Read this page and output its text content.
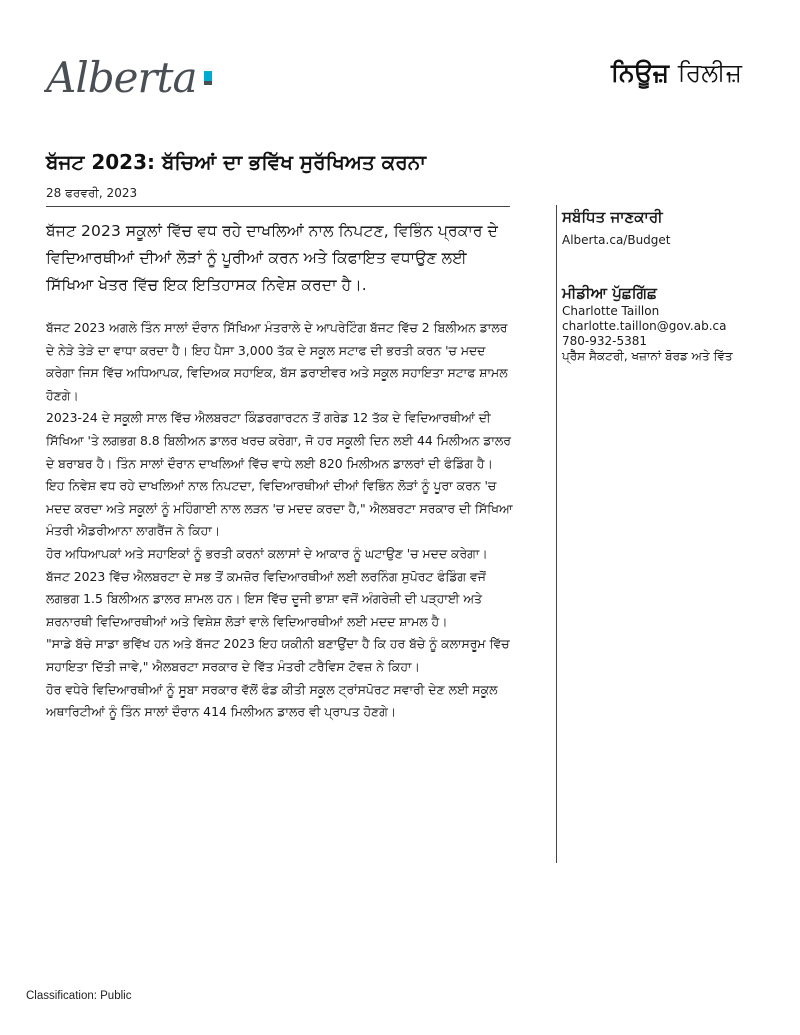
Alberta	ਨਿਊਜ਼ ਰਿਲੀਜ਼
ਬੱਜਟ 2023: ਬੱਚਿਆਂ ਦਾ ਭਵਿੱਖ ਸੁਰੱਖਿਅਤ ਕਰਨਾ
28 ਫਰਵਰੀ, 2023

ਬੱਜਟ 2023 ਸਕੂਲਾਂ ਵਿੱਚ ਵਧ ਰਹੇ ਦਾਖਲਿਆਂ ਨਾਲ ਨਿਪਟਣ, ਵਿਭਿੰਨ ਪ੍ਰਕਾਰ ਦੇ ਵਿਦਿਆਰਥੀਆਂ ਦੀਆਂ ਲੋੜਾਂ ਨੂੰ ਪੂਰੀਆਂ ਕਰਨ ਅਤੇ ਕਿਫਾਇਤ ਵਧਾਉਣ ਲਈ ਸਿੱਖਿਆ ਖੇਤਰ ਵਿੱਚ ਇਕ ਇਤਿਹਾਸਕ ਨਿਵੇਸ਼ ਕਰਦਾ ਹੈ।.

ਬੱਜਟ 2023 ਅਗਲੇ ਤਿੰਨ ਸਾਲਾਂ ਦੌਰਾਨ ਸਿੱਖਿਆ ਮੰਤਰਾਲੇ ਦੇ ਆਪਰੇਟਿੰਗ ਬੱਜਟ ਵਿੱਚ 2 ਬਿਲੀਅਨ ਡਾਲਰ ਦੇ ਨੇੜੇ ਤੇੜੇ ਦਾ ਵਾਧਾ ਕਰਦਾ ਹੈ। ਇਹ ਪੈਸਾ 3,000 ਤੱਕ ਦੇ ਸਕੂਲ ਸਟਾਫ ਦੀ ਭਰਤੀ ਕਰਨ 'ਚ ਮਦਦ ਕਰੇਗਾ ਜਿਸ ਵਿੱਚ ਅਧਿਆਪਕ, ਵਿਦਿਅਕ ਸਹਾਇਕ, ਬੱਸ ਡਰਾਈਵਰ ਅਤੇ ਸਕੂਲ ਸਹਾਇਤਾ ਸਟਾਫ ਸ਼ਾਮਲ ਹੋਣਗੇ।

2023-24 ਦੇ ਸਕੂਲੀ ਸਾਲ ਵਿੱਚ ਐਲਬਰਟਾ ਕਿੰਡਰਗਾਰਟਨ ਤੋਂ ਗਰੇਡ 12 ਤੱਕ ਦੇ ਵਿਦਿਆਰਥੀਆਂ ਦੀ ਸਿੱਖਿਆ 'ਤੇ ਲਗਭਗ 8.8 ਬਿਲੀਅਨ ਡਾਲਰ ਖਰਚ ਕਰੇਗਾ, ਜੋ ਹਰ ਸਕੂਲੀ ਦਿਨ ਲਈ 44 ਮਿਲੀਅਨ ਡਾਲਰ ਦੇ ਬਰਾਬਰ ਹੈ। ਤਿੰਨ ਸਾਲਾਂ ਦੌਰਾਨ ਦਾਖਲਿਆਂ ਵਿੱਚ ਵਾਧੇ ਲਈ 820 ਮਿਲੀਅਨ ਡਾਲਰਾਂ ਦੀ ਫੰਡਿੰਗ ਹੈ।

ਇਹ ਨਿਵੇਸ਼ ਵਧ ਰਹੇ ਦਾਖਲਿਆਂ ਨਾਲ ਨਿਪਟਦਾ, ਵਿਦਿਆਰਥੀਆਂ ਦੀਆਂ ਵਿਭਿੰਨ ਲੋੜਾਂ ਨੂੰ ਪੂਰਾ ਕਰਨ 'ਚ ਮਦਦ ਕਰਦਾ ਅਤੇ ਸਕੂਲਾਂ ਨੂੰ ਮਹਿੰਗਾਈ ਨਾਲ ਲੜਨ 'ਚ ਮਦਦ ਕਰਦਾ ਹੈ," ਐਲਬਰਟਾ ਸਰਕਾਰ ਦੀ ਸਿੱਖਿਆ ਮੰਤਰੀ ਐਡਰੀਆਨਾ ਲਾਗਰੈਂਜ ਨੇ ਕਿਹਾ।

ਹੋਰ ਅਧਿਆਪਕਾਂ ਅਤੇ ਸਹਾਇਕਾਂ ਨੂੰ ਭਰਤੀ ਕਰਨਾਂ ਕਲਾਸਾਂ ਦੇ ਆਕਾਰ ਨੂੰ ਘਟਾਉਣ 'ਚ ਮਦਦ ਕਰੇਗਾ।

ਬੱਜਟ 2023 ਵਿੱਚ ਐਲਬਰਟਾ ਦੇ ਸਭ ਤੋਂ ਕਮਜ਼ੋਰ ਵਿਦਿਆਰਥੀਆਂ ਲਈ ਲਰਨਿੰਗ ਸੁਪੋਰਟ ਫੰਡਿੰਗ ਵਜੋਂ ਲਗਭਗ 1.5 ਬਿਲੀਅਨ ਡਾਲਰ ਸ਼ਾਮਲ ਹਨ। ਇਸ ਵਿੱਚ ਦੂਜੀ ਭਾਸ਼ਾ ਵਜੋਂ ਅੰਗਰੇਜ਼ੀ ਦੀ ਪੜ੍ਹਾਈ ਅਤੇ ਸ਼ਰਨਾਰਥੀ ਵਿਦਿਆਰਥੀਆਂ ਅਤੇ ਵਿਸ਼ੇਸ਼ ਲੋੜਾਂ ਵਾਲੇ ਵਿਦਿਆਰਥੀਆਂ ਲਈ ਮਦਦ ਸ਼ਾਮਲ ਹੈ।

"ਸਾਡੇ ਬੱਚੇ ਸਾਡਾ ਭਵਿੱਖ ਹਨ ਅਤੇ ਬੱਜਟ 2023 ਇਹ ਯਕੀਨੀ ਬਣਾਉਂਦਾ ਹੈ ਕਿ ਹਰ ਬੱਚੇ ਨੂੰ ਕਲਾਸਰੂਮ ਵਿੱਚ ਸਹਾਇਤਾ ਦਿੱਤੀ ਜਾਵੇ," ਐਲਬਰਟਾ ਸਰਕਾਰ ਦੇ ਵਿੱਤ ਮੰਤਰੀ ਟਰੈਵਿਸ ਟੋਵਜ਼ ਨੇ ਕਿਹਾ।

ਹੋਰ ਵਧੇਰੇ ਵਿਦਿਆਰਥੀਆਂ ਨੂੰ ਸੂਬਾ ਸਰਕਾਰ ਵੱਲੋਂ ਫੰਡ ਕੀਤੀ ਸਕੂਲ ਟ੍ਰਾਂਸਪੋਰਟ ਸਵਾਰੀ ਦੇਣ ਲਈ ਸਕੂਲ ਅਥਾਰਿਟੀਆਂ ਨੂੰ ਤਿੰਨ ਸਾਲਾਂ ਦੌਰਾਨ 414 ਮਿਲੀਅਨ ਡਾਲਰ ਵੀ ਪ੍ਰਾਪਤ ਹੋਣਗੇ।

ਸਬੰਧਿਤ ਜਾਣਕਾਰੀ
Alberta.ca/Budget
ਮੀਡੀਆ ਪੁੱਛਗਿੱਛ
Charlotte Taillon
charlotte.taillon@gov.ab.ca
780-932-5381
ਪ੍ਰੈੱਸ ਸੈਕਟਰੀ, ਖਜ਼ਾਨਾਂ ਬੋਰਡ ਅਤੇ ਵਿੱਤ
Classification: Public
